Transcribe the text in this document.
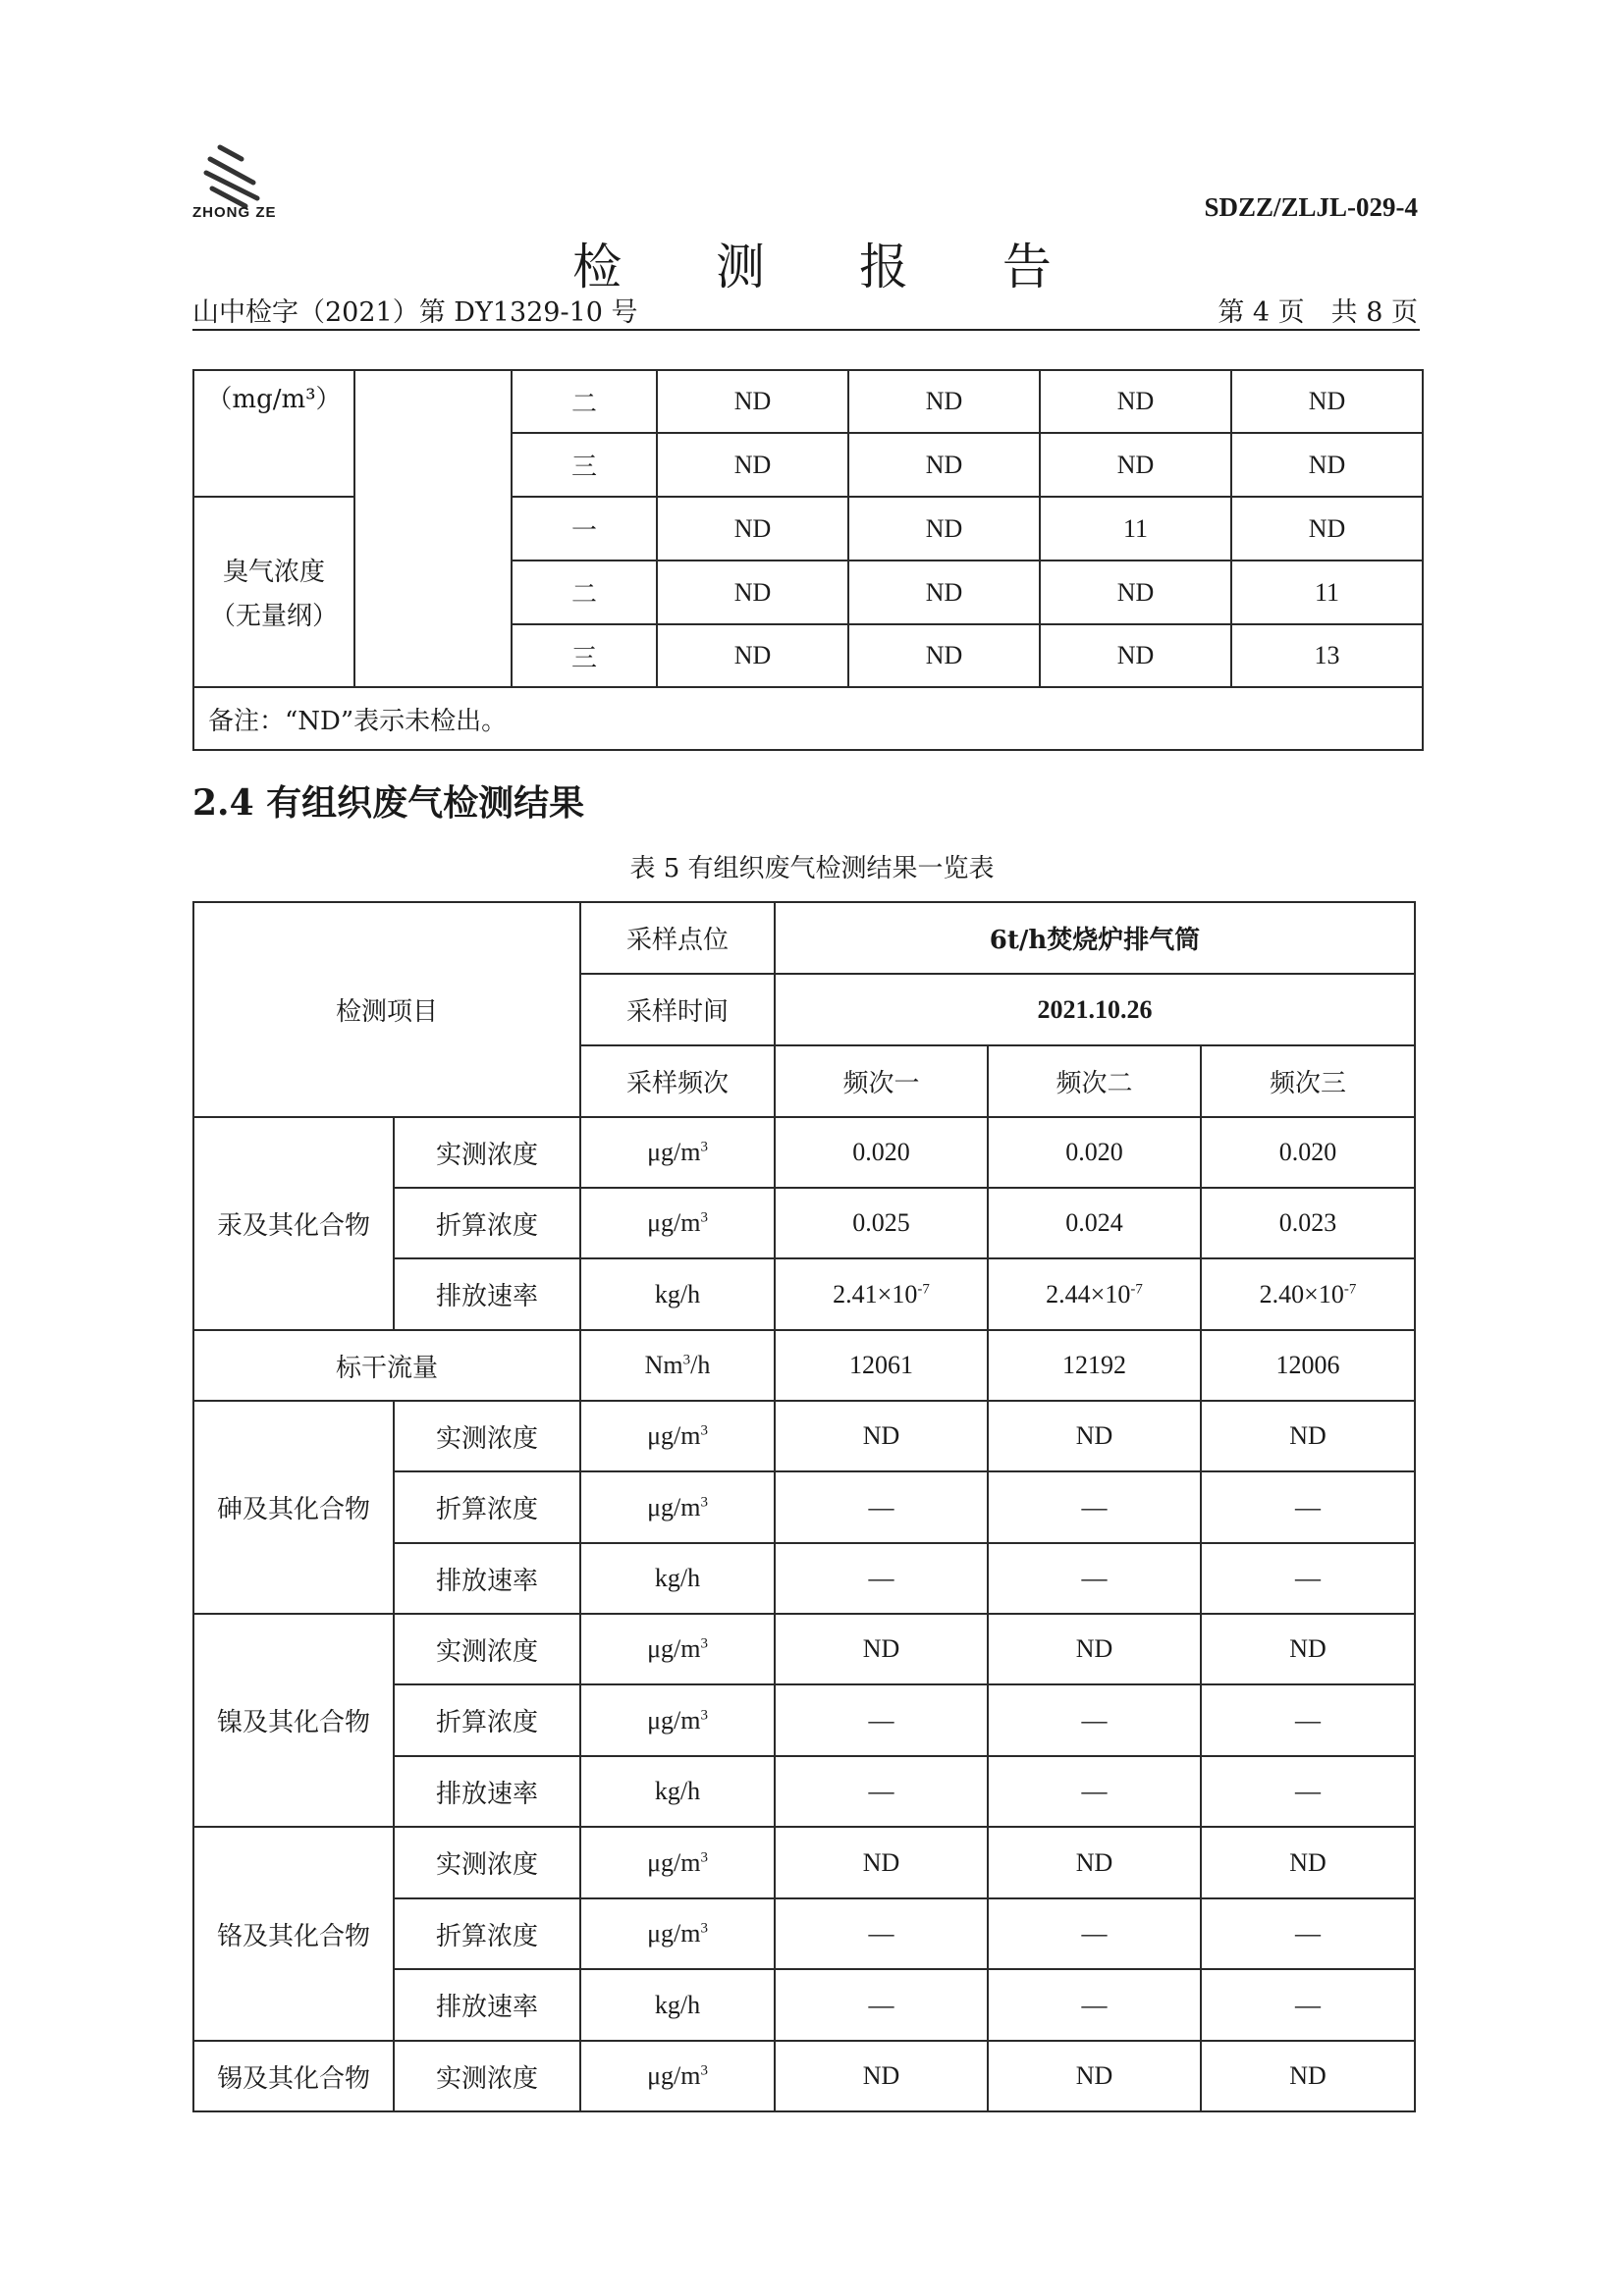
ZHONG ZE	SDZZ/ZLJL-029-4
检 测 报 告
山中检字（2021）第 DY1329-10 号	第 4 页　共 8 页
（mg/m³）		二	ND	ND	ND	ND
		三	ND	ND	ND	ND

臭气浓度
（无量纲）		一	ND	ND	11	ND
		二	ND	ND	ND	11
		三	ND	ND	ND	13
备注：“ND”表示未检出。						
2.4 有组织废气检测结果
表 5 有组织废气检测结果一览表
检测项目		采样点位	6t/h焚烧炉排气筒		
		采样时间	2021.10.26		
		采样频次	频次一	频次二	频次三
汞及其化合物	实测浓度	$\mu g/m^3$	0.020	0.020	0.020
	折算浓度	$\mu g/m^3$	0.025	0.024	0.023
	排放速率	kg/h	$2.41\times 10^{-7}$	$2.44\times 10^{-7}$	$2.40\times 10^{-7}$
标干流量		Nm$^3$/h	12061	12192	12006
砷及其化合物	实测浓度	$\mu g/m^3$	ND	ND	ND
	折算浓度	$\mu g/m^3$	—	—	—
	排放速率	kg/h	—	—	—
镍及其化合物	实测浓度	$\mu g/m^3$	ND	ND	ND
	折算浓度	$\mu g/m^3$	—	—	—
	排放速率	kg/h	—	—	—
铬及其化合物	实测浓度	$\mu g/m^3$	ND	ND	ND
	折算浓度	$\mu g/m^3$	—	—	—
	排放速率	kg/h	—	—	—
锡及其化合物	实测浓度	$\mu g/m^3$	ND	ND	ND
